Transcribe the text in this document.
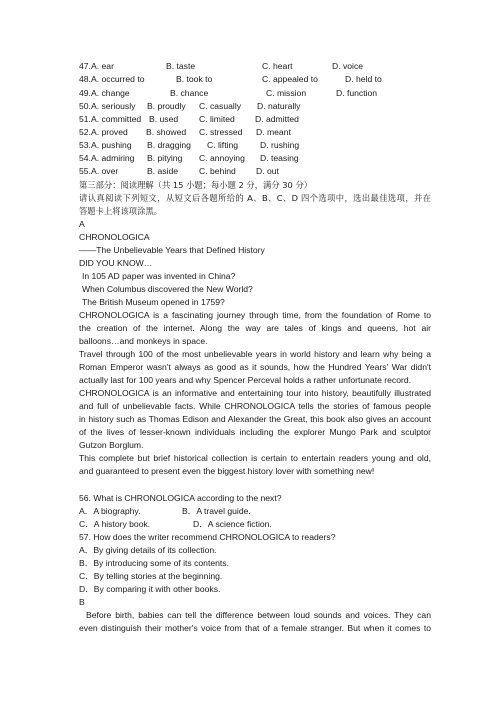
47. A. ear	B. taste	C. heart	D. voice
48. A. occurred to	B. took to	C. appealed to	D. held to
49. A. change	B. chance	C. mission	D. function
50. A. seriously B. proudly C. casually D. naturally
51. A. committed B. used C. limited D. admitted
52. A. proved B. showed C. stressed D. meant
53. A. pushing B. dragging C. lifting	D. rushing
54. A. admiring B. pitying C. annoying D. teasing
55. A. over	B. aside C. behind D. out
第三部分：阅读理解（共 15 小题；每小题 2 分，满分 30 分）
请认真阅读下列短文，从短文后各题所给的 A、B、C、D 四个选项中，选出最佳选项，并在
答题卡上将该项涂黑。
A
CHRONOLOGICA
——The Unbelievable Years that Defined History
DID YOU KNOW…
In 105 AD paper was invented in China?
When Columbus discovered the New World?
The British Museum opened in 1759?
CHRONOLOGICA is a fascinating journey through time, from the foundation of Rome to
the creation of the internet. Along the way are tales of kings and queens, hot air
balloons…and monkeys in space.
Travel through 100 of the most unbelievable years in world history and learn why being a
Roman Emperor wasn't always as good as it sounds, how the Hundred Years' War didn't
actually last for 100 years and why Spencer Perceval holds a rather unfortunate record.
CHRONOLOGICA is an informative and entertaining tour into history, beautifully illustrated
and full of unbelievable facts. While CHRONOLOGICA tells the stories of famous people
in history such as Thomas Edison and Alexander the Great, this book also gives an account
of the lives of lesser-known individuals including the explorer Mungo Park and sculptor
Gutzon Borglum.
This complete but brief historical collection is certain to entertain readers young and old,
and guaranteed to present even the biggest history lover with something new!
56. What is CHRONOLOGICA according to the next?
A．A biography.	B．A travel guide.
C．A history book.	D．A science fiction.
57. How does the writer recommend CHRONOLOGICA to readers?
A．By giving details of its collection.
B．By introducing some of its contents.
C．By telling stories at the beginning.
D．By comparing it with other books.
B
Before birth, babies can tell the difference between loud sounds and voices. They can
even distinguish their mother's voice from that of a female stranger. But when it comes to
